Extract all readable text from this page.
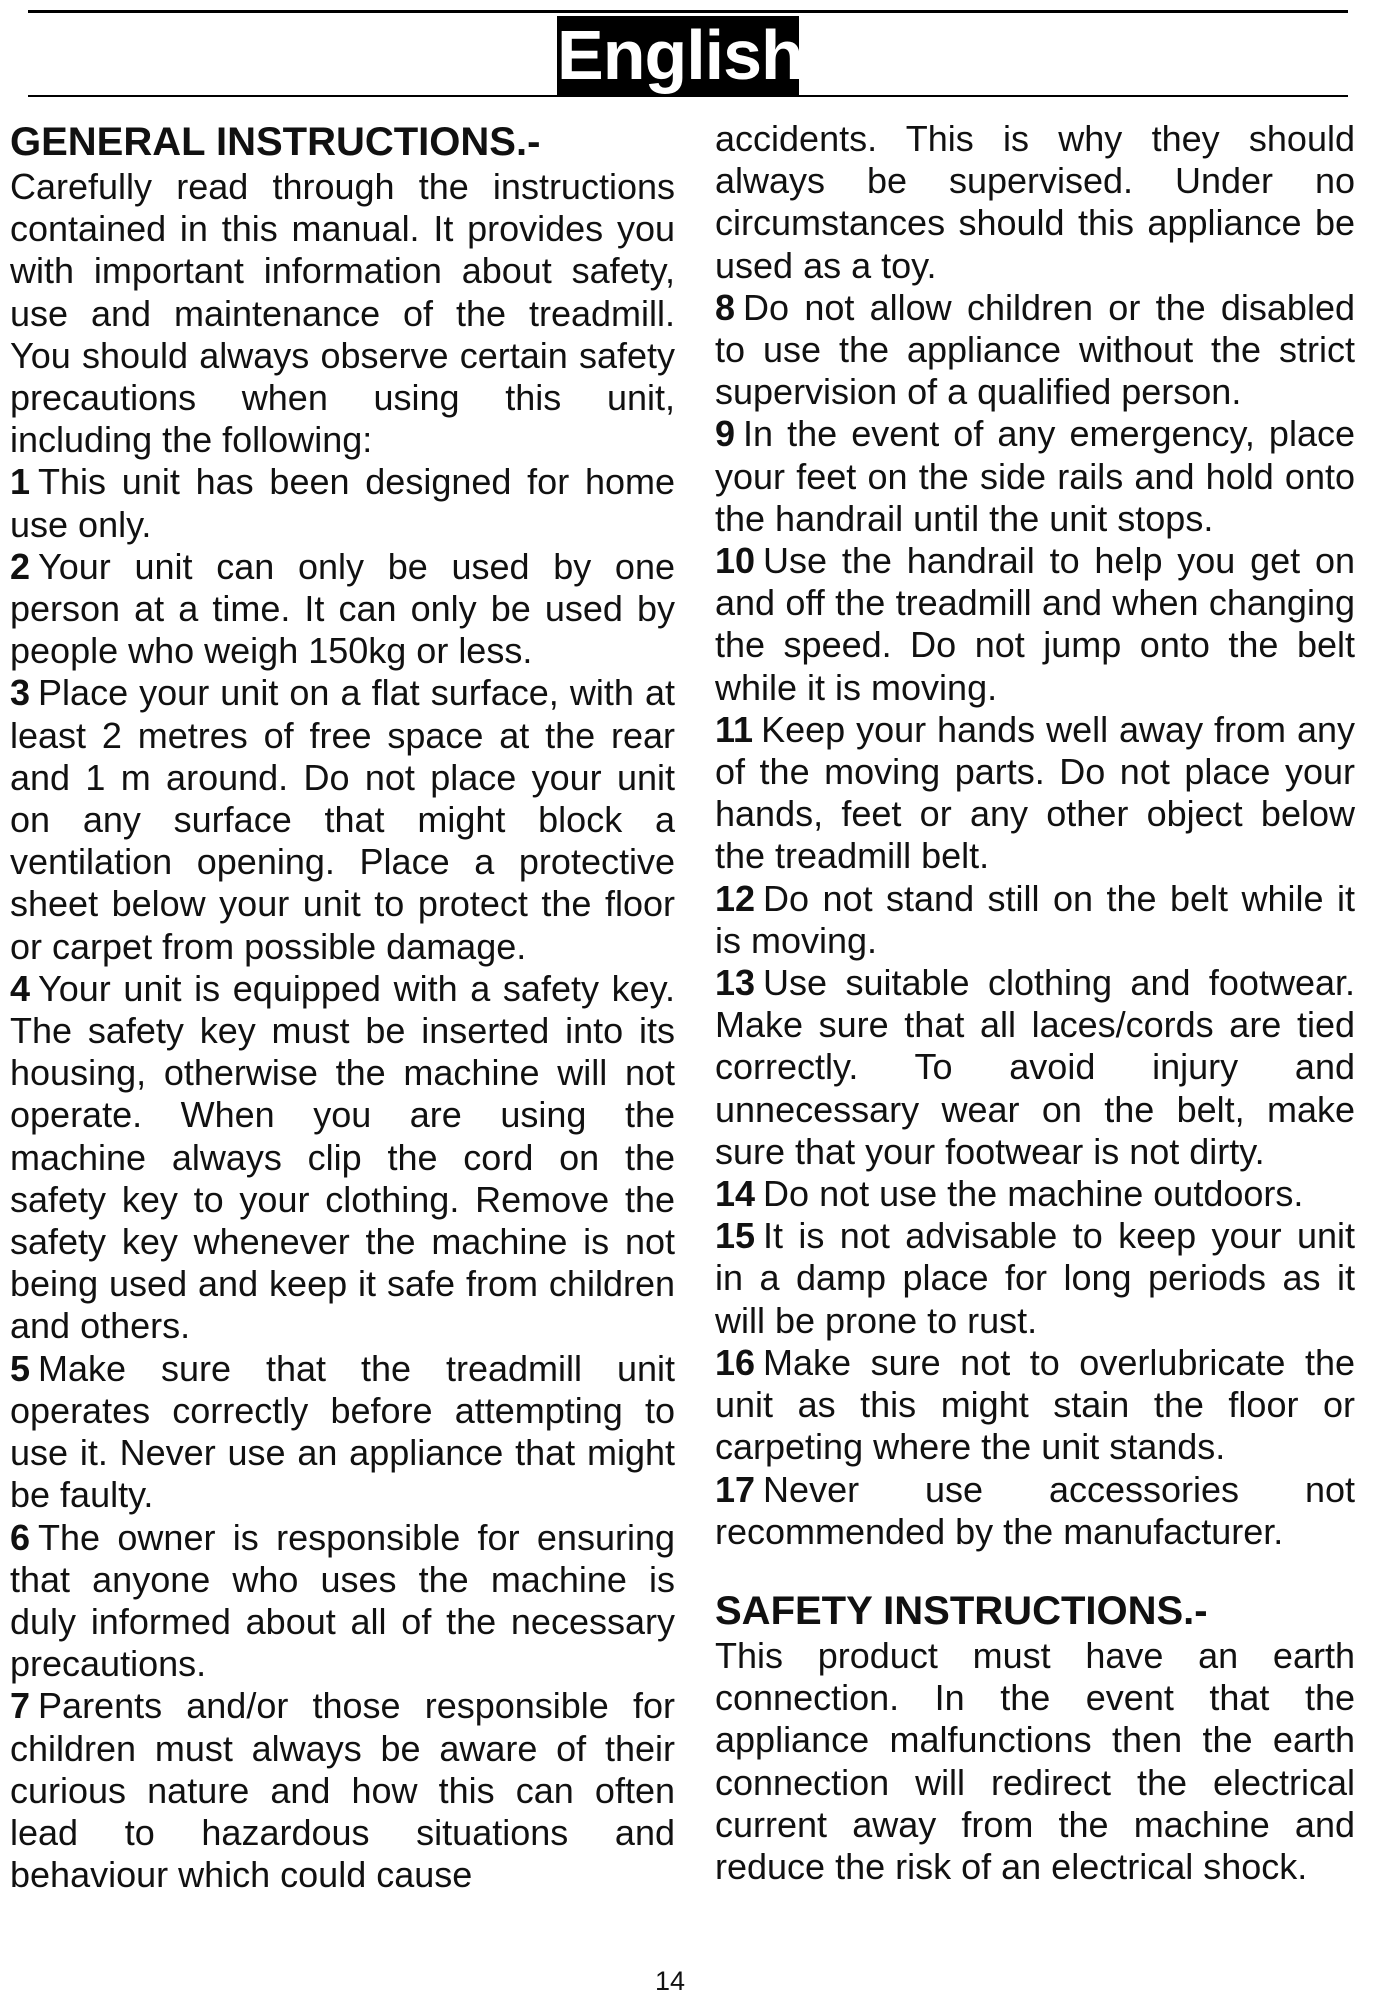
English
GENERAL INSTRUCTIONS.-

Carefully read through the instructions contained in this manual. It provides you with important information about safety, use and maintenance of the treadmill. You should always observe certain safety precautions when using this unit, including the following:

1 This unit has been designed for home use only.

2 Your unit can only be used by one person at a time. It can only be used by people who weigh 150kg or less.

3 Place your unit on a flat surface, with at least 2 metres of free space at the rear and 1 m around. Do not place your unit on any surface that might block a ventilation opening. Place a protective sheet below your unit to protect the floor or carpet from possible damage.

4 Your unit is equipped with a safety key. The safety key must be inserted into its housing, otherwise the machine will not operate. When you are using the machine always clip the cord on the safety key to your clothing. Remove the safety key whenever the machine is not being used and keep it safe from children and others.

5 Make sure that the treadmill unit operates correctly before attempting to use it. Never use an appliance that might be faulty.

6 The owner is responsible for ensuring that anyone who uses the machine is duly informed about all of the necessary precautions.

7 Parents and/or those responsible for children must always be aware of their curious nature and how this can often lead to hazardous situations and behaviour which could cause

accidents. This is why they should always be supervised. Under no circumstances should this appliance be used as a toy.

8 Do not allow children or the disabled to use the appliance without the strict supervision of a qualified person.

9 In the event of any emergency, place your feet on the side rails and hold onto the handrail until the unit stops.

10 Use the handrail to help you get on and off the treadmill and when changing the speed. Do not jump onto the belt while it is moving.

11 Keep your hands well away from any of the moving parts. Do not place your hands, feet or any other object below the treadmill belt.

12 Do not stand still on the belt while it is moving.

13 Use suitable clothing and footwear. Make sure that all laces/cords are tied correctly. To avoid injury and unnecessary wear on the belt, make sure that your footwear is not dirty.

14 Do not use the machine outdoors.

15 It is not advisable to keep your unit in a damp place for long periods as it will be prone to rust.

16 Make sure not to overlubricate the unit as this might stain the floor or carpeting where the unit stands.

17 Never use accessories not recommended by the manufacturer.

SAFETY INSTRUCTIONS.-

This product must have an earth connection. In the event that the appliance malfunctions then the earth connection will redirect the electrical current away from the machine and reduce the risk of an electrical shock.

14
